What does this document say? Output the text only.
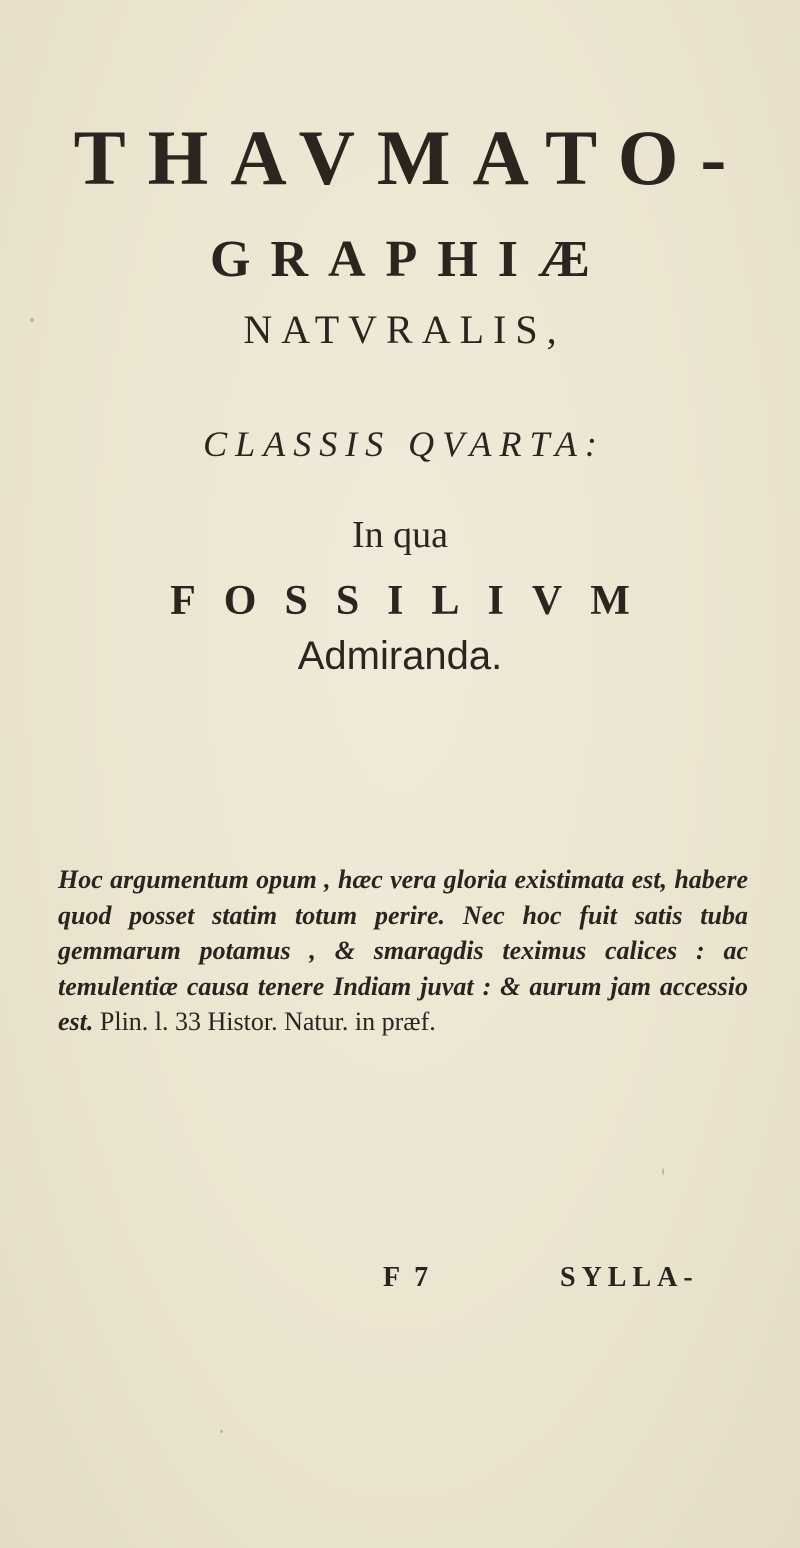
THAVMATO-
GRAPHIÆ
NATVRALIS,
CLASSIS QVARTA:
In qua
FOSSILIVM
Admiranda.
Hoc argumentum opum , hæc vera gloria existimata est, habere quod posset statim totum perire. Nec hoc fuit satis tuba gemmarum potamus , & smaragdis teximus calices : ac temulentiæ causa tenere Indiam juvat : & aurum jam accessio est. Plin. l. 33 Histor. Natur. in præf.
F 7	SYLLA-
